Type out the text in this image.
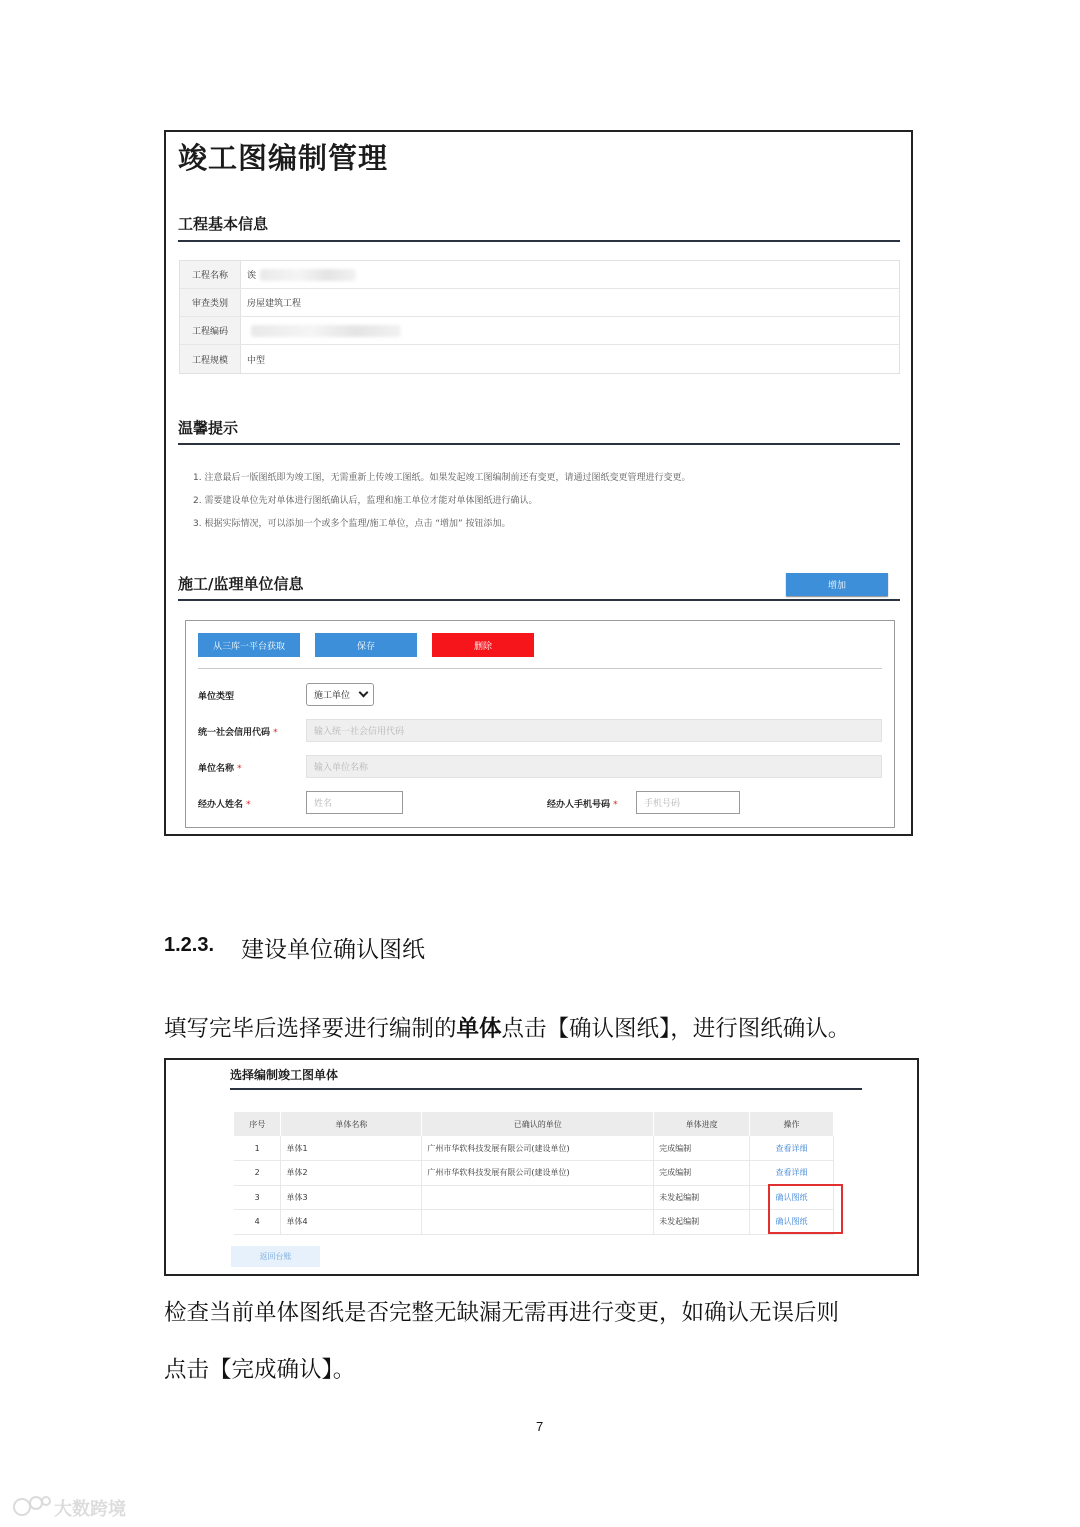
竣工图编制管理
工程基本信息
工程名称	诶
审查类别	房屋建筑工程
工程编码
工程规模	中型
温馨提示
1. 注意最后一版图纸即为竣工图，无需重新上传竣工图纸。如果发起竣工图编制前还有变更，请通过图纸变更管理进行变更。
2. 需要建设单位先对单体进行图纸确认后，监理和施工单位才能对单体图纸进行确认。
3. 根据实际情况，可以添加一个或多个监理/施工单位，点击 “增加” 按钮添加。
施工/监理单位信息	增加
从三库一平台获取	保存	删除
单位类型	施工单位
统一社会信用代码 *	输入统一社会信用代码
单位名称 *	输入单位名称
经办人姓名 *	姓名	经办人手机号码 *	手机号码
1.2.3. 建设单位确认图纸
填写完毕后选择要进行编制的单体点击【确认图纸】，进行图纸确认。
选择编制竣工图单体
序号	单体名称	已确认的单位	单体进度	操作
1	单体1	广州市华软科技发展有限公司(建设单位)	完成编制	查看详细
2	单体2	广州市华软科技发展有限公司(建设单位)	完成编制	查看详细
3	单体3		未发起编制	确认图纸
4	单体4		未发起编制	确认图纸
返回台账
检查当前单体图纸是否完整无缺漏无需再进行变更，如确认无误后则
点击【完成确认】。
7
大数跨境
